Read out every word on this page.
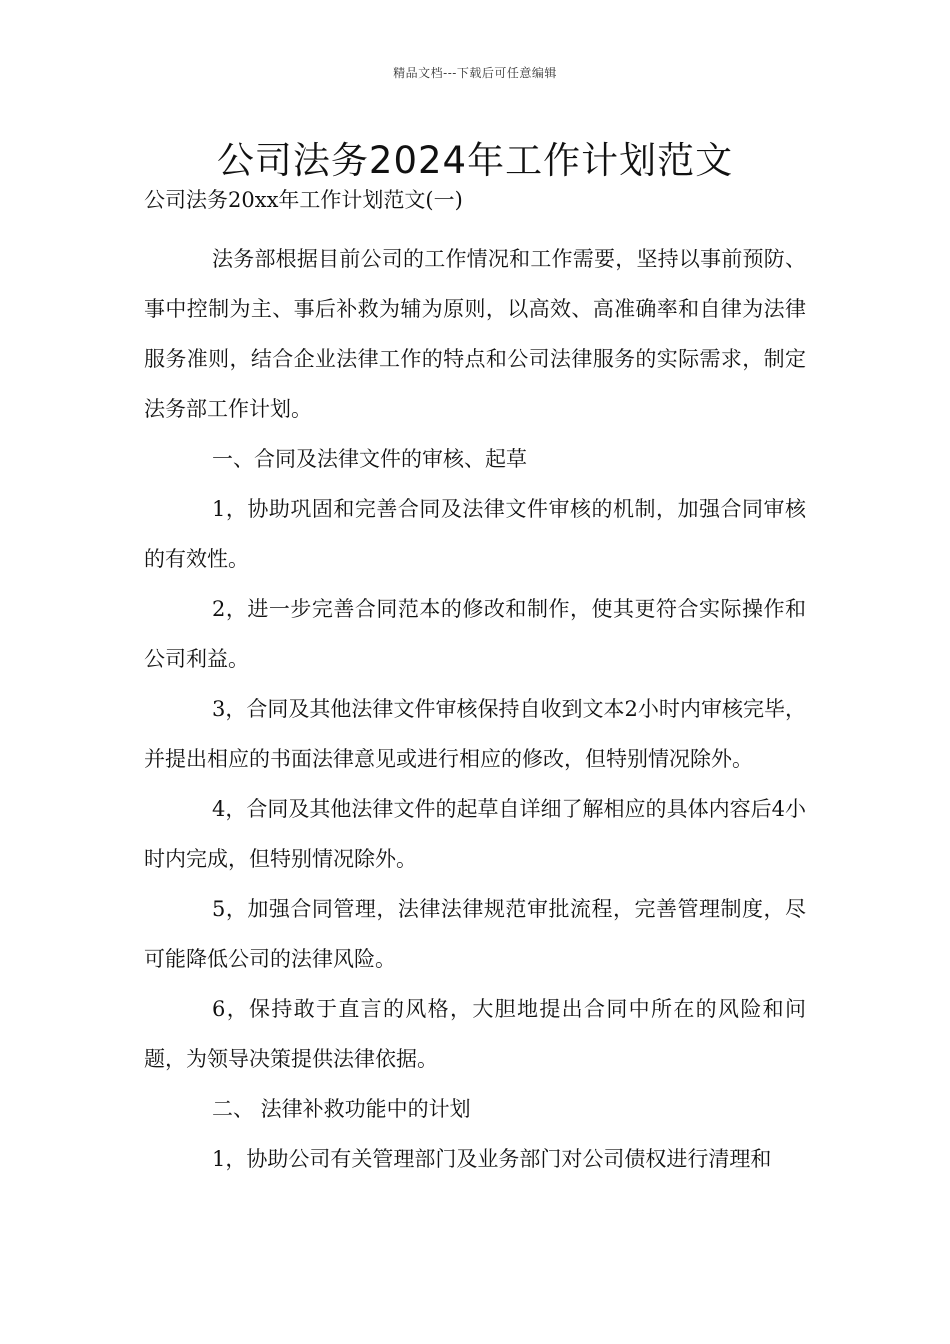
精品文档---下载后可任意编辑
公司法务2024年工作计划范文

公司法务20xx年工作计划范文(一)

法务部根据目前公司的工作情况和工作需要，坚持以事前预防、事中控制为主、事后补救为辅为原则，以高效、高准确率和自律为法律服务准则，结合企业法律工作的特点和公司法律服务的实际需求，制定法务部工作计划。

一、合同及法律文件的审核、起草

1，协助巩固和完善合同及法律文件审核的机制，加强合同审核的有效性。

2，进一步完善合同范本的修改和制作，使其更符合实际操作和公司利益。

3，合同及其他法律文件审核保持自收到文本2小时内审核完毕，并提出相应的书面法律意见或进行相应的修改，但特别情况除外。

4，合同及其他法律文件的起草自详细了解相应的具体内容后4小时内完成，但特别情况除外。

5，加强合同管理，法律法律规范审批流程，完善管理制度，尽可能降低公司的法律风险。

6，保持敢于直言的风格，大胆地提出合同中所在的风险和问题，为领导决策提供法律依据。

二、 法律补救功能中的计划

1，协助公司有关管理部门及业务部门对公司债权进行清理和
